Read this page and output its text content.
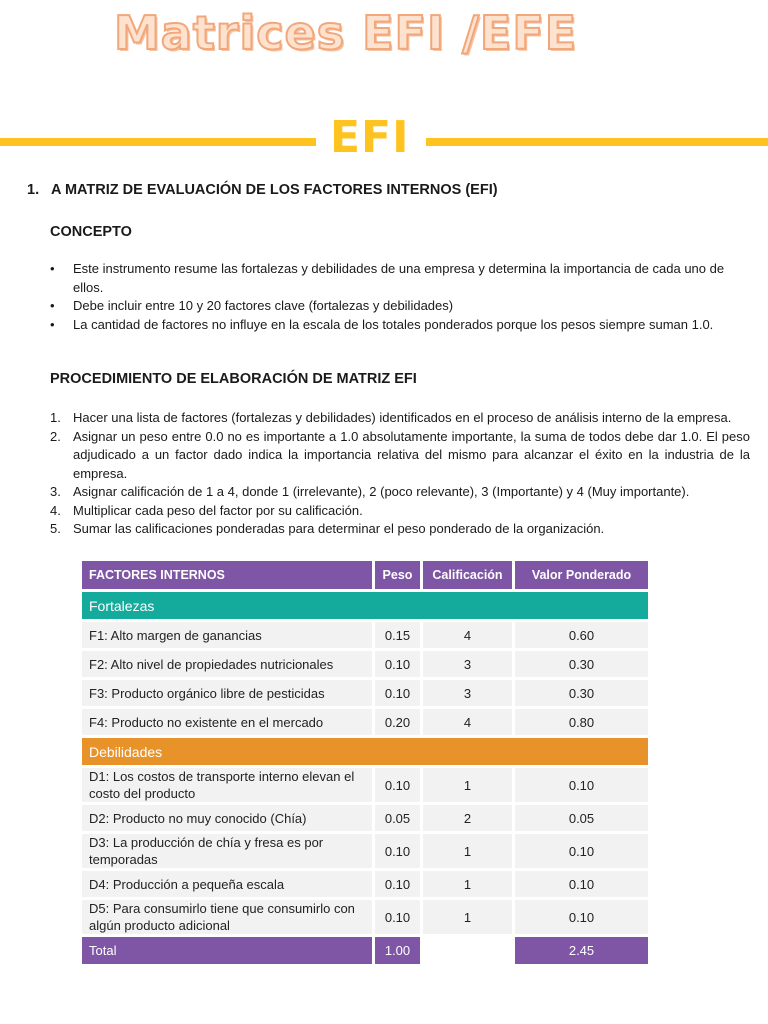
Matrices EFI /EFE
EFI
1. A MATRIZ DE EVALUACIÓN DE LOS FACTORES INTERNOS (EFI)
CONCEPTO
• Este instrumento resume las fortalezas y debilidades de una empresa y determina la importancia de cada uno de ellos.
• Debe incluir entre 10 y 20 factores clave (fortalezas y debilidades)
• La cantidad de factores no influye en la escala de los totales ponderados porque los pesos siempre suman 1.0.
PROCEDIMIENTO DE ELABORACIÓN DE MATRIZ EFI
1. Hacer una lista de factores (fortalezas y debilidades) identificados en el proceso de análisis interno de la empresa.
2. Asignar un peso entre 0.0 no es importante a 1.0 absolutamente importante, la suma de todos debe dar 1.0. El peso adjudicado a un factor dado indica la importancia relativa del mismo para alcanzar el éxito en la industria de la empresa.
3. Asignar calificación de 1 a 4, donde 1 (irrelevante), 2 (poco relevante), 3 (Importante) y 4 (Muy importante).
4. Multiplicar cada peso del factor por su calificación.
5. Sumar las calificaciones ponderadas para determinar el peso ponderado de la organización.
FACTORES INTERNOS	Peso	Calificación	Valor Ponderado
Fortalezas			
F1: Alto margen de ganancias	0.15	4	0.60
F2: Alto nivel de propiedades nutricionales	0.10	3	0.30
F3: Producto orgánico libre de pesticidas	0.10	3	0.30
F4: Producto no existente en el mercado	0.20	4	0.80
Debilidades			
D1: Los costos de transporte interno elevan el costo del producto	0.10	1	0.10
D2: Producto no muy conocido (Chía)	0.05	2	0.05
D3: La producción de chía y fresa es por temporadas	0.10	1	0.10
D4: Producción a pequeña escala	0.10	1	0.10
D5: Para consumirlo tiene que consumirlo con algún producto adicional	0.10	1	0.10
Total	1.00		2.45
